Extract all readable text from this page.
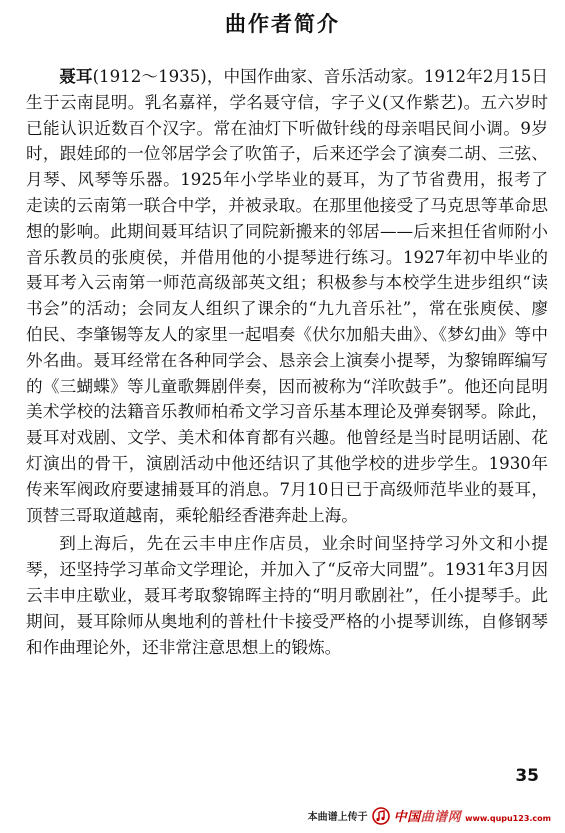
曲作者简介

聂耳(1912～1935)，中国作曲家、音乐活动家。1912年2月15日生于云南昆明。乳名嘉祥，学名聂守信，字子义(又作紫艺)。五六岁时已能认识近数百个汉字。常在油灯下听做针线的母亲唱民间小调。9岁时，跟娃邱的一位邻居学会了吹笛子，后来还学会了演奏二胡、三弦、月琴、风琴等乐器。1925年小学毕业的聂耳，为了节省费用，报考了走读的云南第一联合中学，并被录取。在那里他接受了马克思等革命思想的影响。此期间聂耳结识了同院新搬来的邻居——后来担任省师附小音乐教员的张庾侯，并借用他的小提琴进行练习。1927年初中毕业的聂耳考入云南第一师范高级部英文组；积极参与本校学生进步组织“读书会”的活动；会同友人组织了课余的“九九音乐社”，常在张庾侯、廖伯民、李肇锡等友人的家里一起唱奏《伏尔加船夫曲》、《梦幻曲》等中外名曲。聂耳经常在各种同学会、恳亲会上演奏小提琴，为黎锦晖编写的《三蝴蝶》等儿童歌舞剧伴奏，因而被称为“洋吹鼓手”。他还向昆明美术学校的法籍音乐教师柏希文学习音乐基本理论及弹奏钢琴。除此，聂耳对戏剧、文学、美术和体育都有兴趣。他曾经是当时昆明话剧、花灯演出的骨干，演剧活动中他还结识了其他学校的进步学生。1930年传来军阀政府要逮捕聂耳的消息。7月10日已于高级师范毕业的聂耳，顶替三哥取道越南，乘轮船经香港奔赴上海。

到上海后，先在云丰申庄作店员，业余时间坚持学习外文和小提琴，还坚持学习革命文学理论，并加入了“反帝大同盟”。1931年3月因云丰申庄歇业，聂耳考取黎锦晖主持的“明月歌剧社”，任小提琴手。此期间，聂耳除师从奥地利的普杜什卡接受严格的小提琴训练，自修钢琴和作曲理论外，还非常注意思想上的锻炼。

35
本曲谱上传于 中国曲谱网 www.qupu123.com
